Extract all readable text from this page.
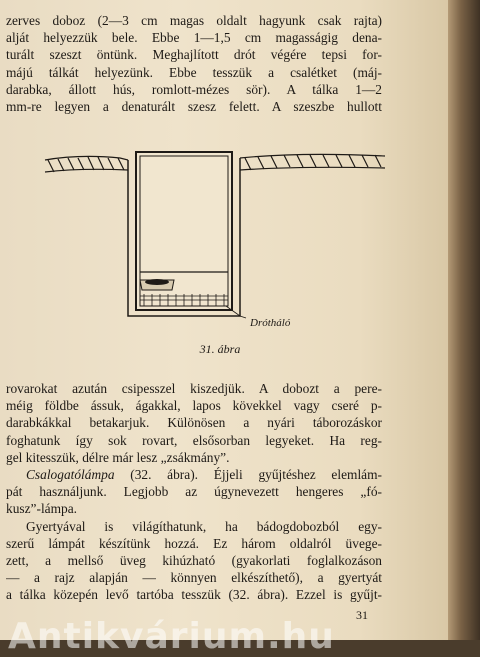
zerves doboz (2—3 cm magas oldalt hagyunk csak rajta)
alját helyezzük bele. Ebbe 1—1,5 cm magasságig dena-
turált szeszt öntünk. Meghajlított drót végére tepsi for-
májú tálkát helyezünk. Ebbe tesszük a csalétket (máj-
darabka, állott hús, romlott-mézes sör). A tálka 1—2
mm-re legyen a denaturált szesz felett. A szeszbe hullott
Drótháló
31. ábra
rovarokat azután csipesszel kiszedjük. A dobozt a pere-
méig földbe ássuk, ágakkal, lapos kövekkel vagy cseré p-
darabkákkal betakarjuk. Különösen a nyári táborozáskor
foghatunk így sok rovart, elsősorban legyeket. Ha reg-
gel kitesszük, délre már lesz „zsákmány”.
Csalogatólámpa (32. ábra). Éjjeli gyűjtéshez elemlám-
pát használjunk. Legjobb az úgynevezett hengeres „fó-
kusz”-lámpa.
Gyertyával is világíthatunk, ha bádogdobozból egy-
szerű lámpát készítünk hozzá. Ez három oldalról üvege-
zett, a mellső üveg kihúzható (gyakorlati foglalkozáson
— a rajz alapján — könnyen elkészíthető), a gyertyát
a tálka közepén levő tartóba tesszük (32. ábra). Ezzel is gyűjt-
31
Antikvárium.hu
